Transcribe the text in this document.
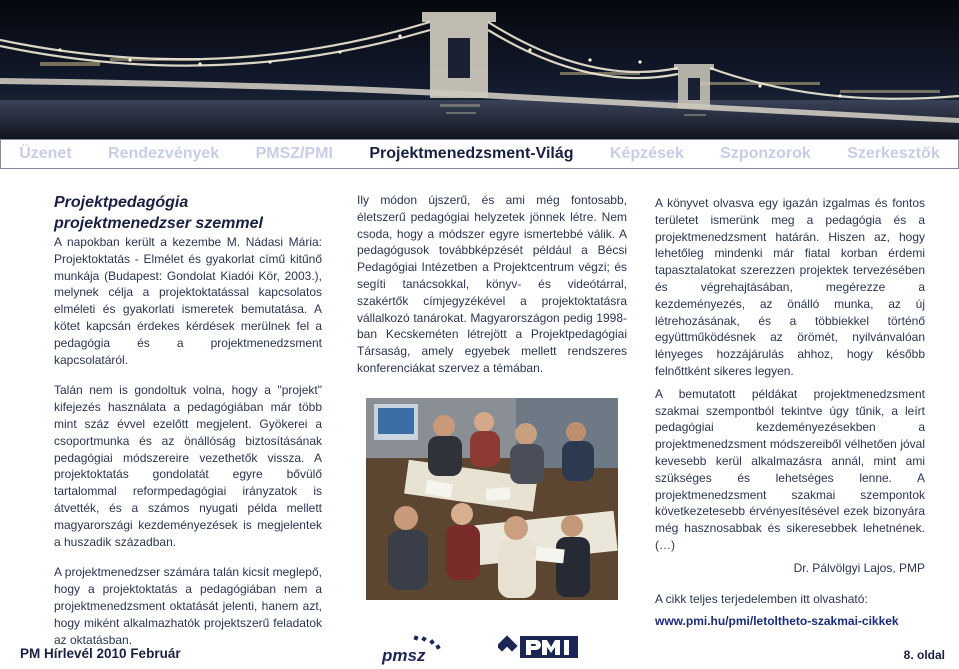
Üzenet Rendezvények PMSZ/PMI Projektmenedzsment-Világ Képzések Szponzorok Szerkesztők

Projektpedagógia projektmenedzser szemmel

A napokban került a kezembe M. Nádasi Mária: Projektoktatás - Elmélet és gyakorlat című kitűnő munkája (Budapest: Gondolat Kiadói Kör, 2003.), melynek célja a projektoktatással kapcsolatos elméleti és gyakorlati ismeretek bemutatása. A kötet kapcsán érdekes kérdések merülnek fel a pedagógia és a projektmenedzsment kapcsolatáról.

Talán nem is gondoltuk volna, hogy a "projekt" kifejezés használata a pedagógiában már több mint száz évvel ezelőtt megjelent. Gyökerei a csoportmunka és az önállóság biztosításának pedagógiai módszereire vezethetők vissza. A projektoktatás gondolatát egyre bővülő tartalommal reformpedagógiai irányzatok is átvették, és a számos nyugati példa mellett magyarországi kezdeményezések is megjelentek a huszadik században.

A projektmenedzser számára talán kicsit meglepő, hogy a projektoktatás a pedagógiában nem a projektmenedzsment oktatását jelenti, hanem azt, hogy miként alkalmazhatók projektszerű feladatok az oktatásban.

Ily módon újszerű, és ami még fontosabb, életszerű pedagógiai helyzetek jönnek létre. Nem csoda, hogy a módszer egyre ismertebbé válik. A pedagógusok továbbképzését például a Bécsi Pedagógiai Intézetben a Projektcentrum végzi; és segíti tanácsokkal, könyv- és videótárral, szakértők címjegyzékével a projektoktatásra vállalkozó tanárokat. Magyarországon pedig 1998-ban Kecskeméten létrejött a Projektpedagógiai Társaság, amely egyebek mellett rendszeres konferenciákat szervez a témában.

A könyvet olvasva egy igazán izgalmas és fontos területet ismerünk meg a pedagógia és a projektmenedzsment határán. Hiszen az, hogy lehetőleg mindenki már fiatal korban érdemi tapasztalatokat szerezzen projektek tervezésében és végrehajtásában, megérezze a kezdeményezés, az önálló munka, az új létrehozásának, és a többiekkel történő együttműködésnek az örömét, nyilvánvalóan lényeges hozzájárulás ahhoz, hogy később felnőttként sikeres legyen.

A bemutatott példákat projektmenedzsment szakmai szempontból tekintve úgy tűnik, a leírt pedagógiai kezdeményezésekben a projektmenedzsment módszereiből vélhetően jóval kevesebb kerül alkalmazásra annál, mint ami szükséges és lehetséges lenne. A projektmenedzsment szakmai szempontok következetesebb érvényesítésével ezek bizonyára még hasznosabbak és sikeresebbek lehetnének. (…)

Dr. Pálvölgyi Lajos, PMP

A cikk teljes terjedelemben itt olvasható:

www.pmi.hu/pmi/letoltheto-szakmai-cikkek

PM Hírlevél 2010 Február	pmsz	8. oldal
